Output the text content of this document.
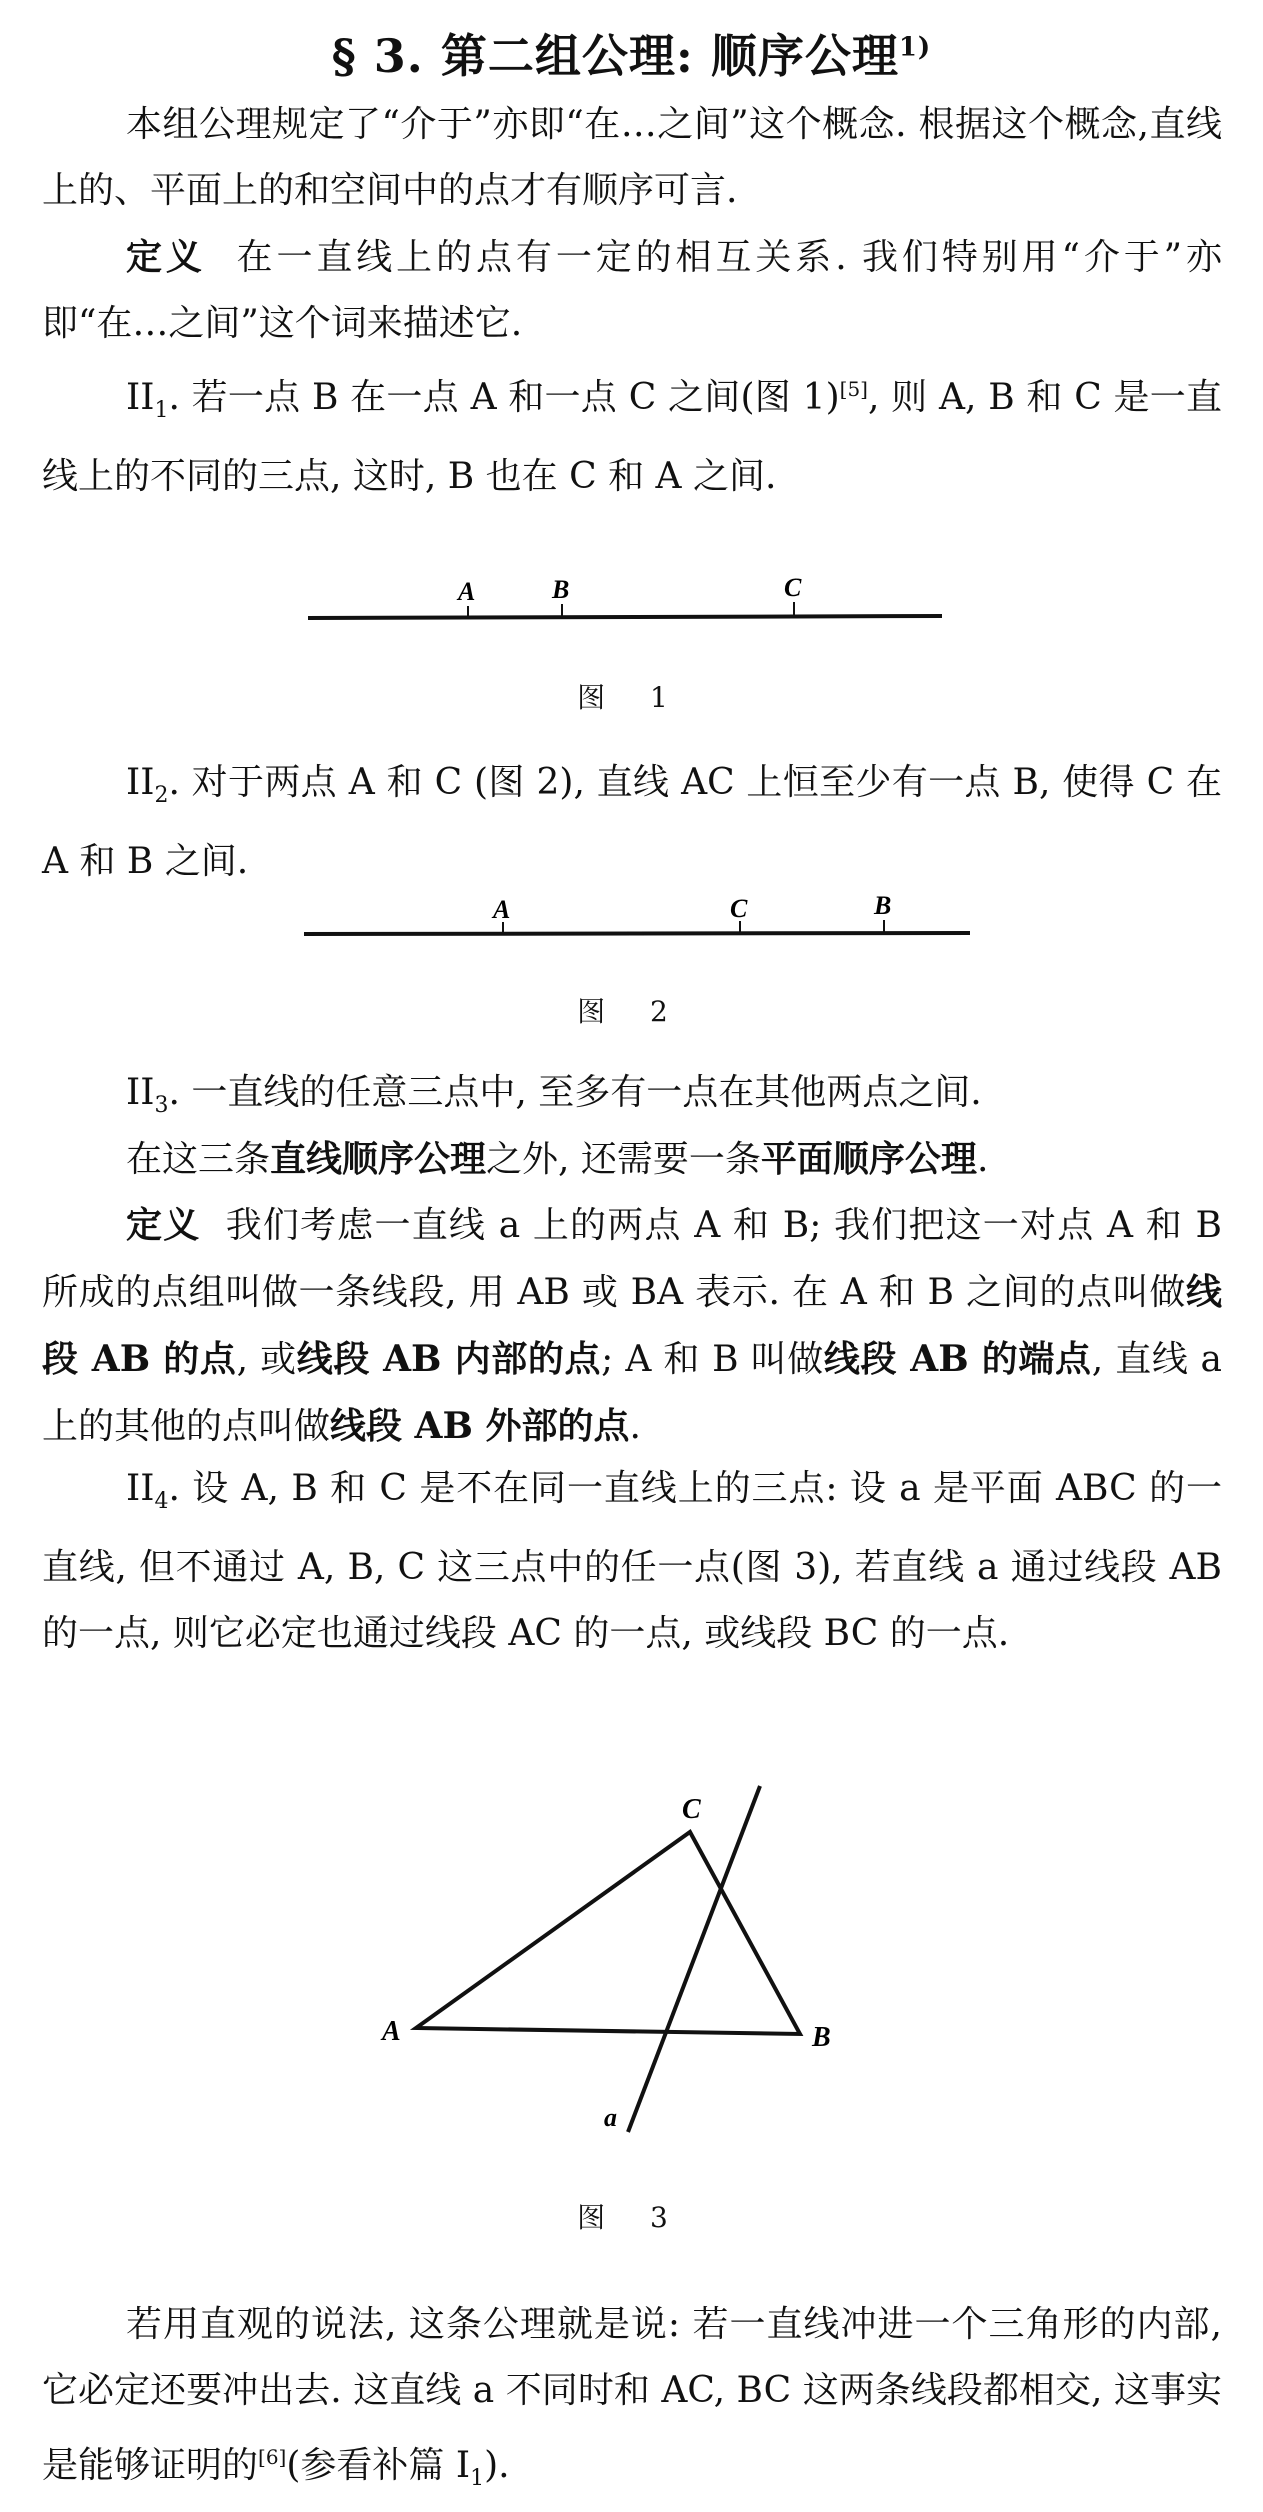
§ 3. 第二组公理: 顺序公理$^{1)}$
本组公理规定了“介于”亦即“在…之间”这个概念. 根据这个概念,直线上的、平面上的和空间中的点才有顺序可言.
定义 在一直线上的点有一定的相互关系. 我们特别用“介于”亦即“在…之间”这个词来描述它.
$II_1$. 若一点 B 在一点 A 和一点 C 之间(图 1)[5], 则 A, B 和 C 是一直线上的不同的三点, 这时, B 也在 C 和 A 之间.
A	B	C
图 1
$II_2$. 对于两点 A 和 C (图 2), 直线 AC 上恒至少有一点 B, 使得 C 在 A 和 B 之间.
A	C	B
图 2
$II_3$. 一直线的任意三点中, 至多有一点在其他两点之间.
在这三条直线顺序公理之外, 还需要一条平面顺序公理.
定义 我们考虑一直线 a 上的两点 A 和 B; 我们把这一对点 A 和 B 所成的点组叫做一条线段, 用 AB 或 BA 表示. 在 A 和 B 之间的点叫做线段 AB 的点, 或线段 AB 内部的点; A 和 B 叫做线段 AB 的端点, 直线 a 上的其他的点叫做线段 AB 外部的点.
$II_4$. 设 A, B 和 C 是不在同一直线上的三点: 设 a 是平面 ABC 的一直线, 但不通过 A, B, C 这三点中的任一点(图 3), 若直线 a 通过线段 AB 的一点, 则它必定也通过线段 AC 的一点, 或线段 BC 的一点.
C
A	B
a
图 3
若用直观的说法, 这条公理就是说: 若一直线冲进一个三角形的内部, 它必定还要冲出去. 这直线 a 不同时和 AC, BC 这两条线段都相交, 这事实是能够证明的[6](参看补篇 $I_1$).
